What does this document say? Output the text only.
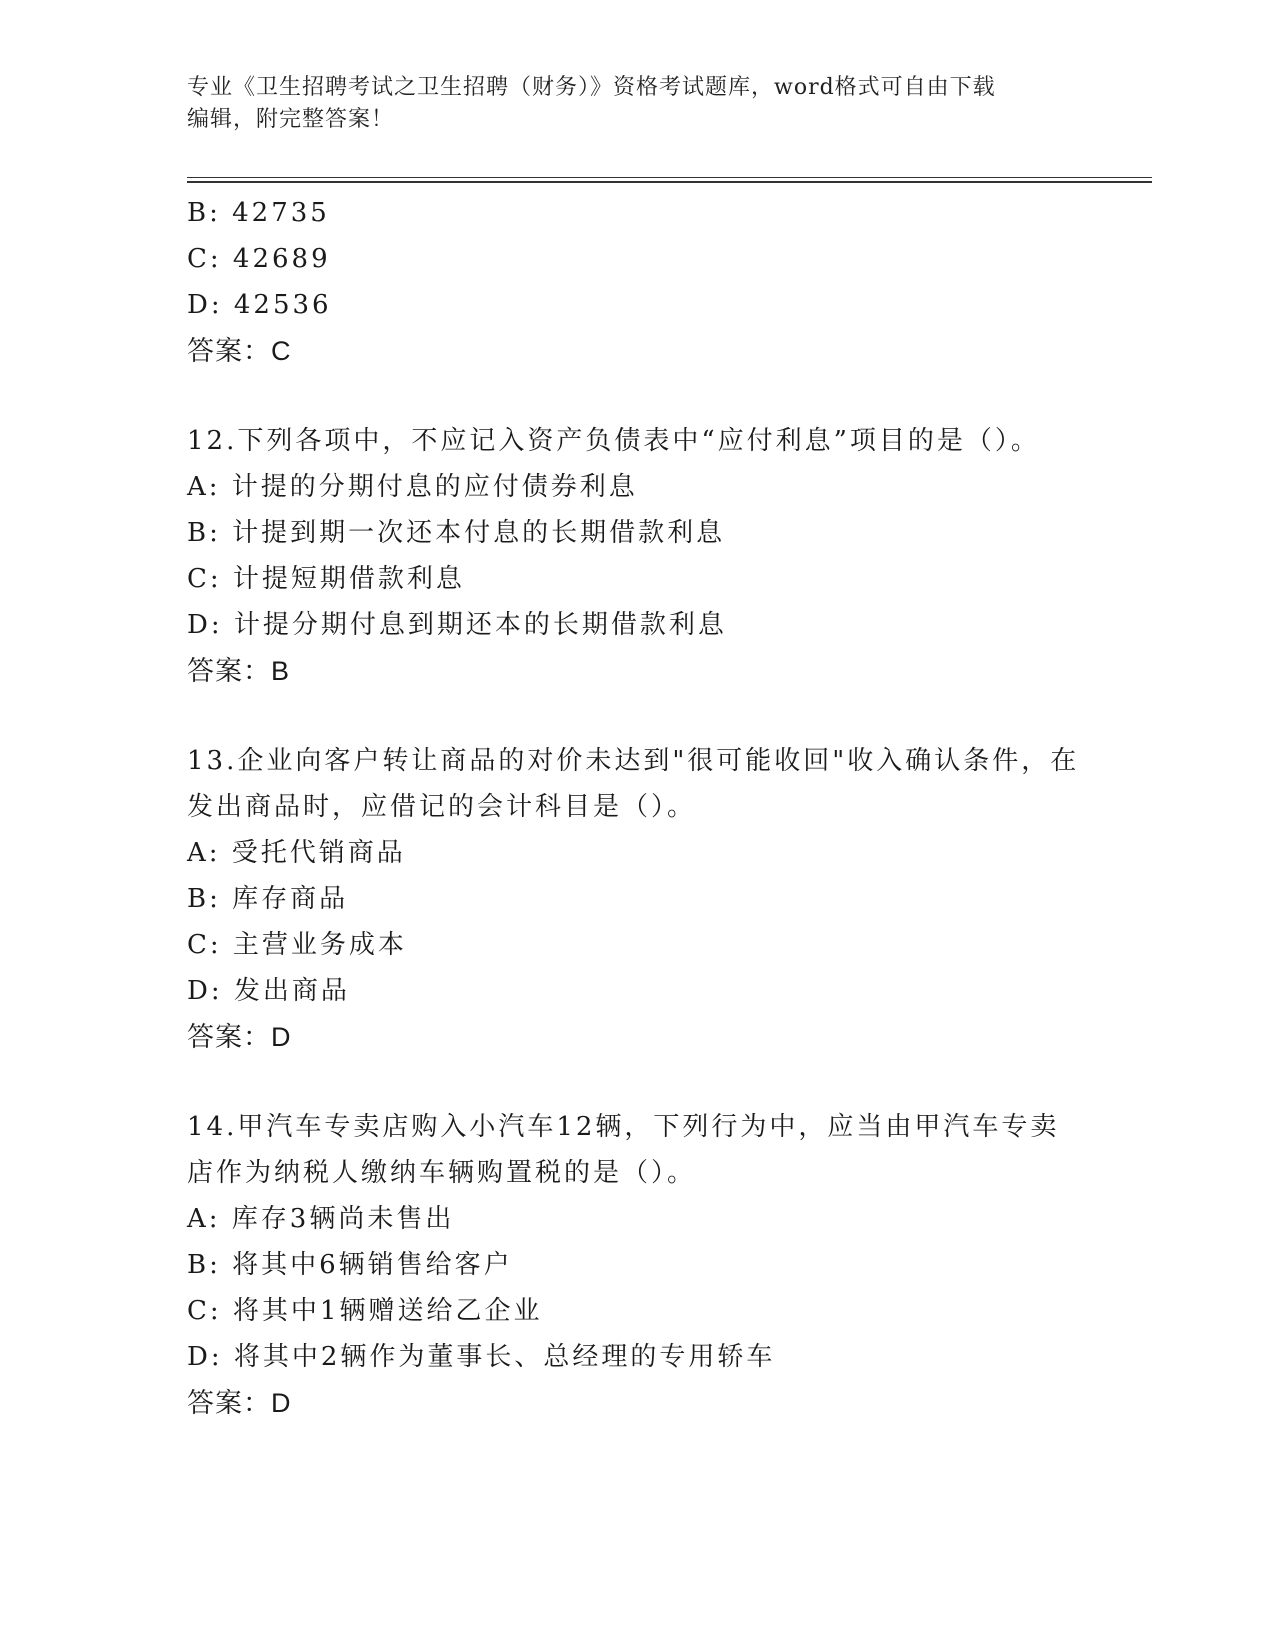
专业《卫生招聘考试之卫生招聘（财务）》资格考试题库，word格式可自由下载
编辑，附完整答案！
B: 42735
C: 42689
D: 42536
答案：C
12.下列各项中，不应记入资产负债表中“应付利息”项目的是（）。
A: 计提的分期付息的应付债券利息
B: 计提到期一次还本付息的长期借款利息
C: 计提短期借款利息
D: 计提分期付息到期还本的长期借款利息
答案：B
13.企业向客户转让商品的对价未达到"很可能收回"收入确认条件，在
发出商品时，应借记的会计科目是（）。
A: 受托代销商品
B: 库存商品
C: 主营业务成本
D: 发出商品
答案：D
14.甲汽车专卖店购入小汽车12辆，下列行为中，应当由甲汽车专卖
店作为纳税人缴纳车辆购置税的是（）。
A: 库存3辆尚未售出
B: 将其中6辆销售给客户
C: 将其中1辆赠送给乙企业
D: 将其中2辆作为董事长、总经理的专用轿车
答案：D
